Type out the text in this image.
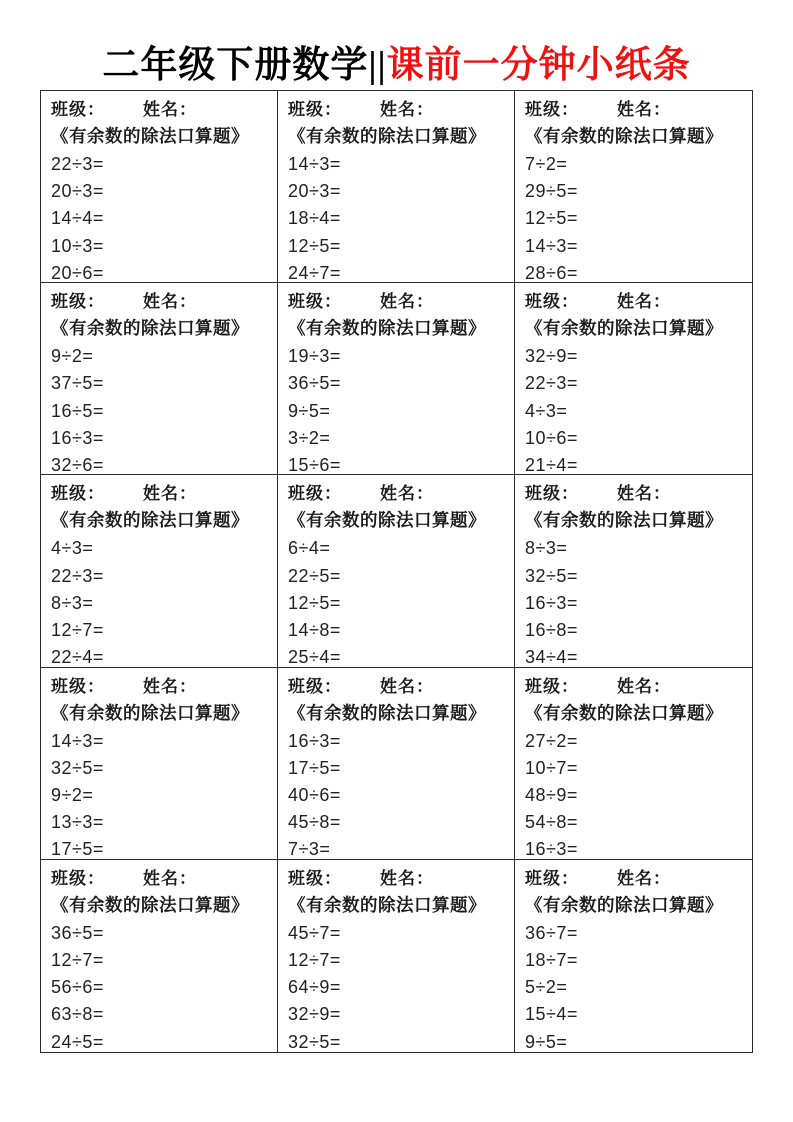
二年级下册数学||课前一分钟小纸条
班级： 姓名：
《有余数的除法口算题》
22÷3=
20÷3=
14÷4=
10÷3=
20÷6=
班级： 姓名：
《有余数的除法口算题》
14÷3=
20÷3=
18÷4=
12÷5=
24÷7=
班级： 姓名：
《有余数的除法口算题》
7÷2=
29÷5=
12÷5=
14÷3=
28÷6=
班级： 姓名：
《有余数的除法口算题》
9÷2=
37÷5=
16÷5=
16÷3=
32÷6=
班级： 姓名：
《有余数的除法口算题》
19÷3=
36÷5=
9÷5=
3÷2=
15÷6=
班级： 姓名：
《有余数的除法口算题》
32÷9=
22÷3=
4÷3=
10÷6=
21÷4=
班级： 姓名：
《有余数的除法口算题》
4÷3=
22÷3=
8÷3=
12÷7=
22÷4=
班级： 姓名：
《有余数的除法口算题》
6÷4=
22÷5=
12÷5=
14÷8=
25÷4=
班级： 姓名：
《有余数的除法口算题》
8÷3=
32÷5=
16÷3=
16÷8=
34÷4=
班级： 姓名：
《有余数的除法口算题》
14÷3=
32÷5=
9÷2=
13÷3=
17÷5=
班级： 姓名：
《有余数的除法口算题》
16÷3=
17÷5=
40÷6=
45÷8=
7÷3=
班级： 姓名：
《有余数的除法口算题》
27÷2=
10÷7=
48÷9=
54÷8=
16÷3=
班级： 姓名：
《有余数的除法口算题》
36÷5=
12÷7=
56÷6=
63÷8=
24÷5=
班级： 姓名：
《有余数的除法口算题》
45÷7=
12÷7=
64÷9=
32÷9=
32÷5=
班级： 姓名：
《有余数的除法口算题》
36÷7=
18÷7=
5÷2=
15÷4=
9÷5=
